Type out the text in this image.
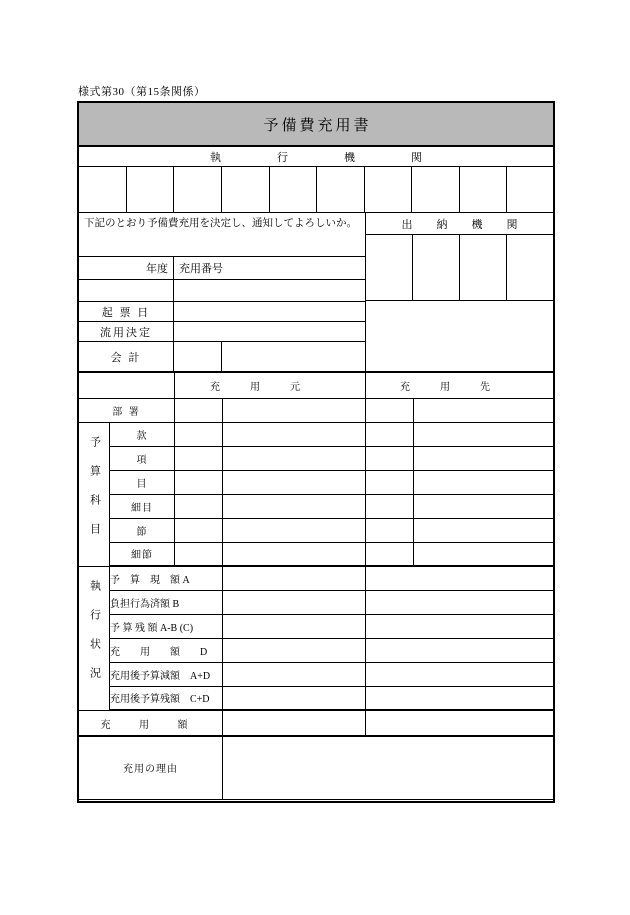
様式第30（第15条関係）
予備費充用書
執行機関
下記のとおり予備費充用を決定し、通知してよろしいか。
年度	充用番号
起 票 日
流用決定
会 計
出納機関
		充用元		充用先	
部 署					

予算科目	款				
	項				
	目				
	細目				
	節				
	細節				

執行状況	予　算　現　額 A				
	負担行為済額 B				
	予 算 残 額 A-B (C)				
	充　　用　　額　　D				
	充用後予算減額　A+D				
	充用後予算残額　C+D				
充 用 額					
充用の理由					
